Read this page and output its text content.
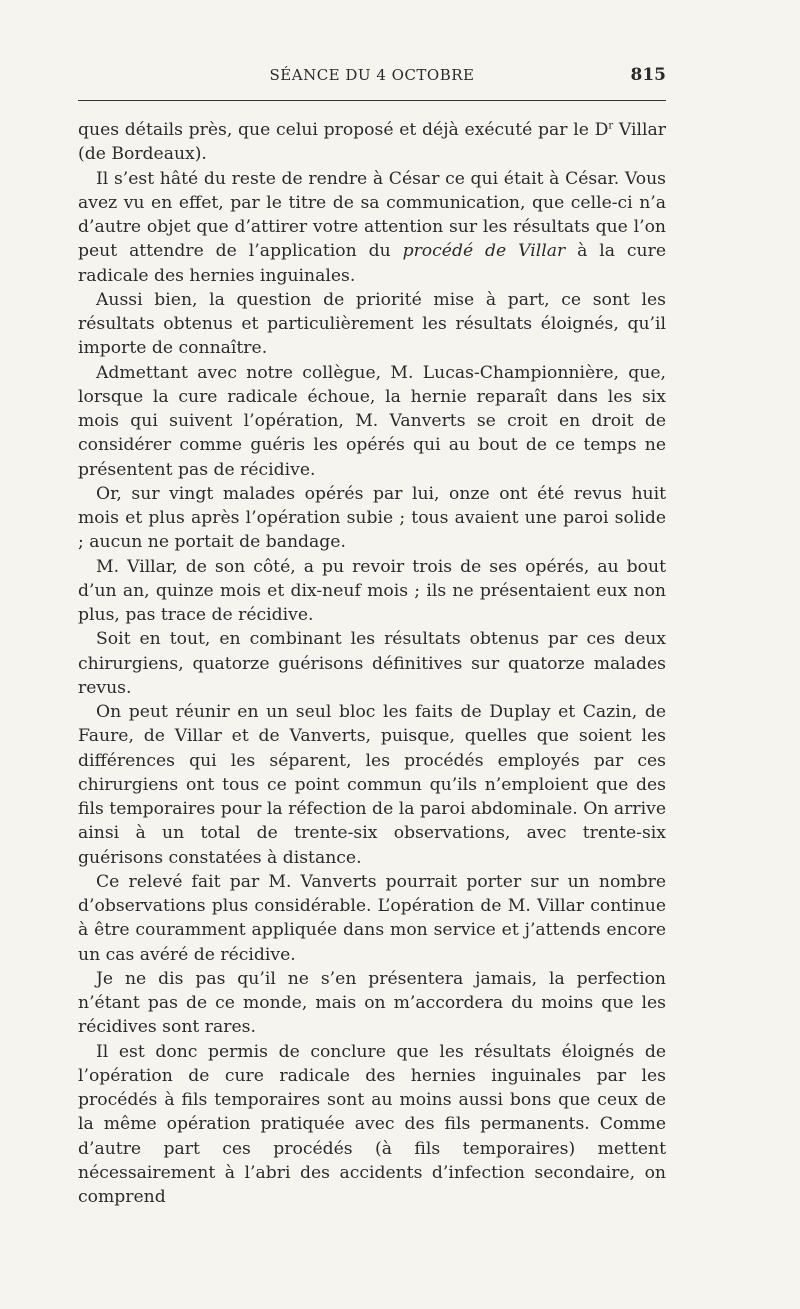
SÉANCE DU 4 OCTOBRE	815

ques détails près, que celui proposé et déjà exécuté par le $D^r$ Villar (de Bordeaux).

Il s’est hâté du reste de rendre à César ce qui était à César. Vous avez vu en effet, par le titre de sa communication, que celle-ci n’a d’autre objet que d’attirer votre attention sur les résultats que l’on peut attendre de l’application du procédé de Villar à la cure radicale des hernies inguinales.

Aussi bien, la question de priorité mise à part, ce sont les résultats obtenus et particulièrement les résultats éloignés, qu’il importe de connaître.

Admettant avec notre collègue, M. Lucas-Championnière, que, lorsque la cure radicale échoue, la hernie reparaît dans les six mois qui suivent l’opération, M. Vanverts se croit en droit de considérer comme guéris les opérés qui au bout de ce temps ne présentent pas de récidive.

Or, sur vingt malades opérés par lui, onze ont été revus huit mois et plus après l’opération subie ; tous avaient une paroi solide ; aucun ne portait de bandage.

M. Villar, de son côté, a pu revoir trois de ses opérés, au bout d’un an, quinze mois et dix-neuf mois ; ils ne présentaient eux non plus, pas trace de récidive.

Soit en tout, en combinant les résultats obtenus par ces deux chirurgiens, quatorze guérisons définitives sur quatorze malades revus.

On peut réunir en un seul bloc les faits de Duplay et Cazin, de Faure, de Villar et de Vanverts, puisque, quelles que soient les différences qui les séparent, les procédés employés par ces chirurgiens ont tous ce point commun qu’ils n’emploient que des fils temporaires pour la réfection de la paroi abdominale. On arrive ainsi à un total de trente-six observations, avec trente-six guérisons constatées à distance.

Ce relevé fait par M. Vanverts pourrait porter sur un nombre d’observations plus considérable. L’opération de M. Villar continue à être couramment appliquée dans mon service et j’attends encore un cas avéré de récidive.

Je ne dis pas qu’il ne s’en présentera jamais, la perfection n’étant pas de ce monde, mais on m’accordera du moins que les récidives sont rares.

Il est donc permis de conclure que les résultats éloignés de l’opération de cure radicale des hernies inguinales par les procédés à fils temporaires sont au moins aussi bons que ceux de la même opération pratiquée avec des fils permanents. Comme d’autre part ces procédés (à fils temporaires) mettent nécessairement à l’abri des accidents d’infection secondaire, on comprend
